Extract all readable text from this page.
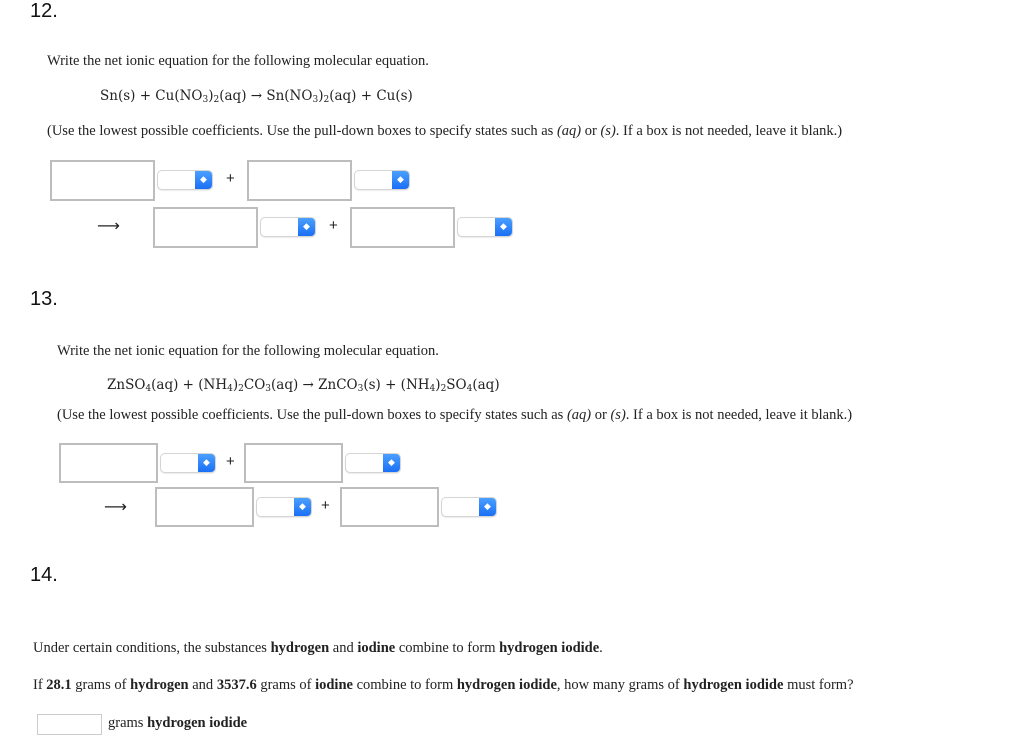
12.
Write the net ionic equation for the following molecular equation.
$Sn(s) + Cu(NO_3)_2(aq) \to Sn(NO_3)_2(aq) + Cu(s)$
(Use the lowest possible coefficients. Use the pull-down boxes to specify states such as (aq) or (s). If a box is not needed, leave it blank.)
◆	+	◆
⟶	◆	+	◆
13.
Write the net ionic equation for the following molecular equation.
ZnSO$_4$(aq) + $(NH_4)_2CO_3(aq)$ → ZnCO$_3$(s) + $(NH_4)_2SO_4(aq)$
(Use the lowest possible coefficients. Use the pull-down boxes to specify states such as (aq) or (s). If a box is not needed, leave it blank.)
◆	+	◆
⟶	◆	+	◆
14.
Under certain conditions, the substances hydrogen and iodine combine to form hydrogen iodide.
If 28.1 grams of hydrogen and 3537.6 grams of iodine combine to form hydrogen iodide, how many grams of hydrogen iodide must form?
grams hydrogen iodide
